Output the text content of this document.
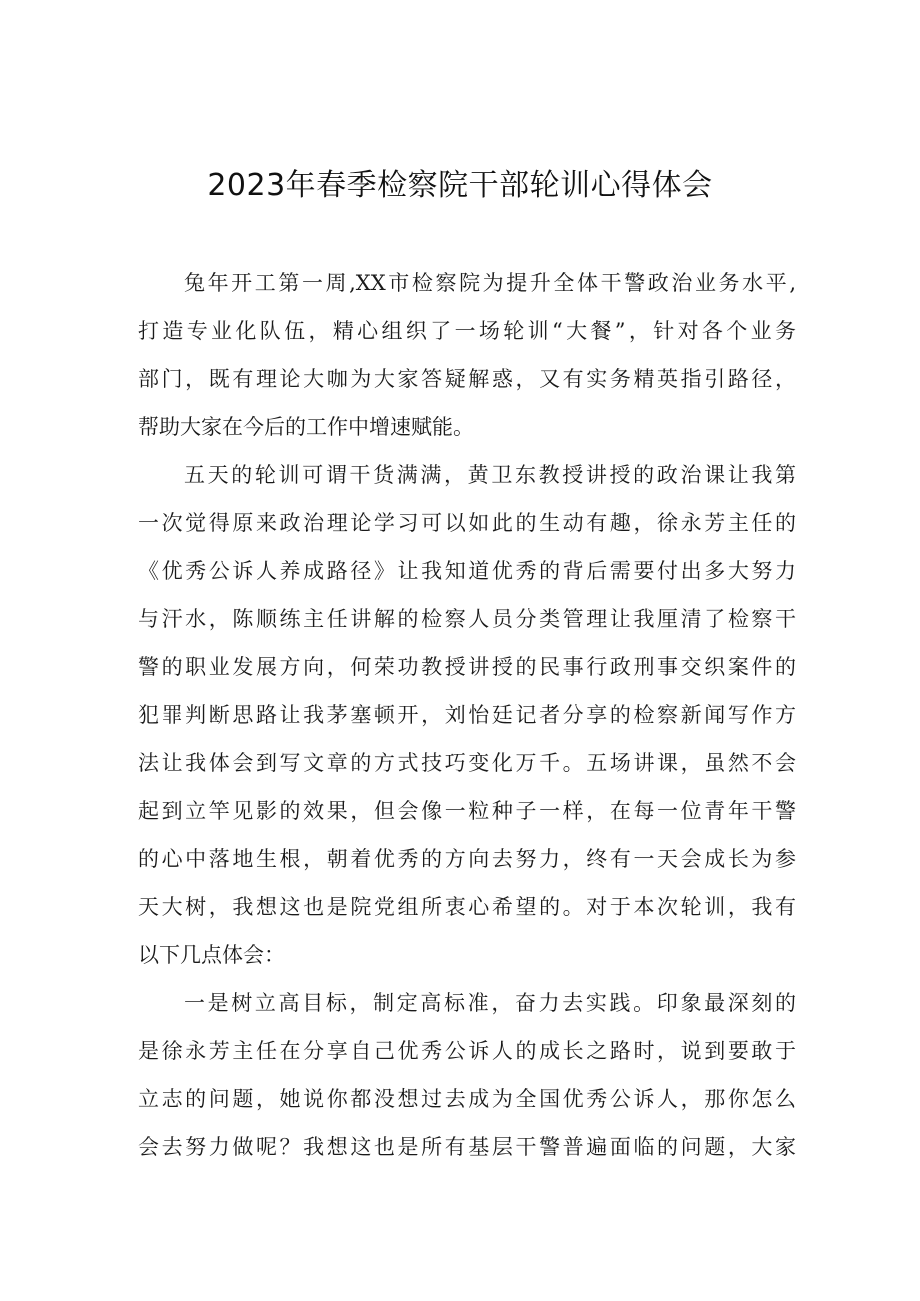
2023年春季检察院干部轮训心得体会
兔年开工第一周,XX市检察院为提升全体干警政治业务水平,
打造专业化队伍，精心组织了一场轮训“大餐”，针对各个业务
部门，既有理论大咖为大家答疑解惑，又有实务精英指引路径，
帮助大家在今后的工作中增速赋能。
五天的轮训可谓干货满满，黄卫东教授讲授的政治课让我第
一次觉得原来政治理论学习可以如此的生动有趣，徐永芳主任的
《优秀公诉人养成路径》让我知道优秀的背后需要付出多大努力
与汗水，陈顺练主任讲解的检察人员分类管理让我厘清了检察干
警的职业发展方向，何荣功教授讲授的民事行政刑事交织案件的
犯罪判断思路让我茅塞顿开，刘怡廷记者分享的检察新闻写作方
法让我体会到写文章的方式技巧变化万千。五场讲课，虽然不会
起到立竿见影的效果，但会像一粒种子一样，在每一位青年干警
的心中落地生根，朝着优秀的方向去努力，终有一天会成长为参
天大树，我想这也是院党组所衷心希望的。对于本次轮训，我有
以下几点体会：
一是树立高目标，制定高标准，奋力去实践。印象最深刻的
是徐永芳主任在分享自己优秀公诉人的成长之路时，说到要敢于
立志的问题，她说你都没想过去成为全国优秀公诉人，那你怎么
会去努力做呢？我想这也是所有基层干警普遍面临的问题，大家
